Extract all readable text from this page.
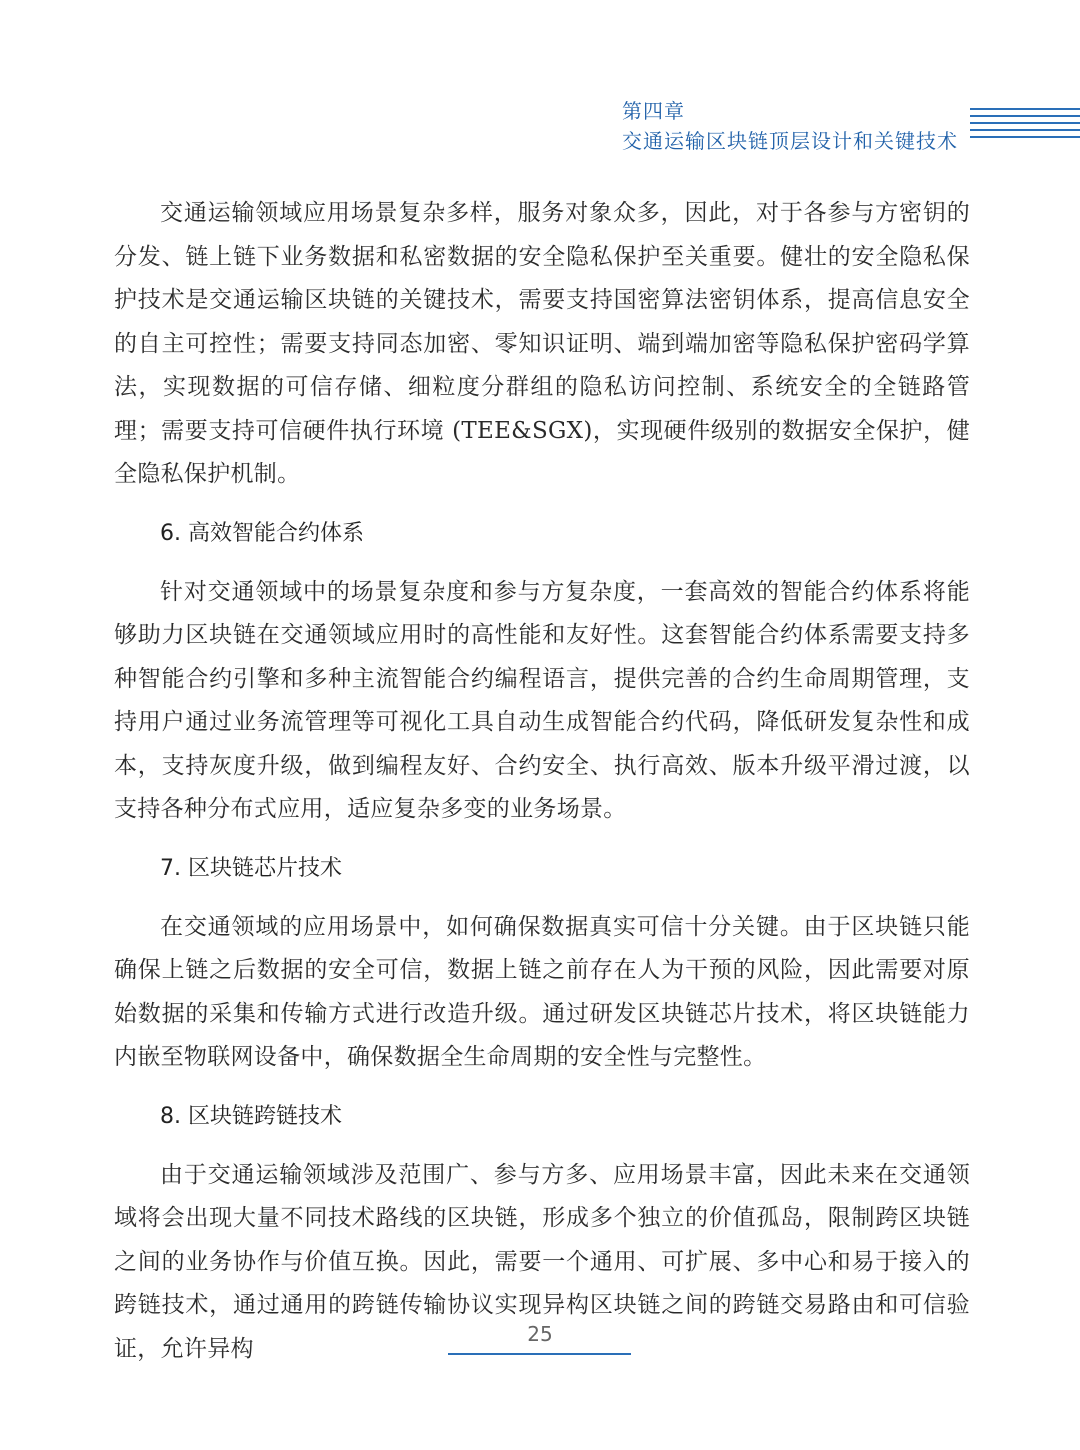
第四章
交通运输区块链顶层设计和关键技术

交通运输领域应用场景复杂多样，服务对象众多，因此，对于各参与方密钥的分发、链上链下业务数据和私密数据的安全隐私保护至关重要。健壮的安全隐私保护技术是交通运输区块链的关键技术，需要支持国密算法密钥体系，提高信息安全的自主可控性；需要支持同态加密、零知识证明、端到端加密等隐私保护密码学算法，实现数据的可信存储、细粒度分群组的隐私访问控制、系统安全的全链路管理；需要支持可信硬件执行环境 (TEE&SGX)，实现硬件级别的数据安全保护，健全隐私保护机制。

6. 高效智能合约体系

针对交通领域中的场景复杂度和参与方复杂度，一套高效的智能合约体系将能够助力区块链在交通领域应用时的高性能和友好性。这套智能合约体系需要支持多种智能合约引擎和多种主流智能合约编程语言，提供完善的合约生命周期管理，支持用户通过业务流管理等可视化工具自动生成智能合约代码，降低研发复杂性和成本，支持灰度升级，做到编程友好、合约安全、执行高效、版本升级平滑过渡，以支持各种分布式应用，适应复杂多变的业务场景。

7. 区块链芯片技术

在交通领域的应用场景中，如何确保数据真实可信十分关键。由于区块链只能确保上链之后数据的安全可信，数据上链之前存在人为干预的风险，因此需要对原始数据的采集和传输方式进行改造升级。通过研发区块链芯片技术，将区块链能力内嵌至物联网设备中，确保数据全生命周期的安全性与完整性。

8. 区块链跨链技术

由于交通运输领域涉及范围广、参与方多、应用场景丰富，因此未来在交通领域将会出现大量不同技术路线的区块链，形成多个独立的价值孤岛，限制跨区块链之间的业务协作与价值互换。因此，需要一个通用、可扩展、多中心和易于接入的跨链技术，通过通用的跨链传输协议实现异构区块链之间的跨链交易路由和可信验证，允许异构

25
